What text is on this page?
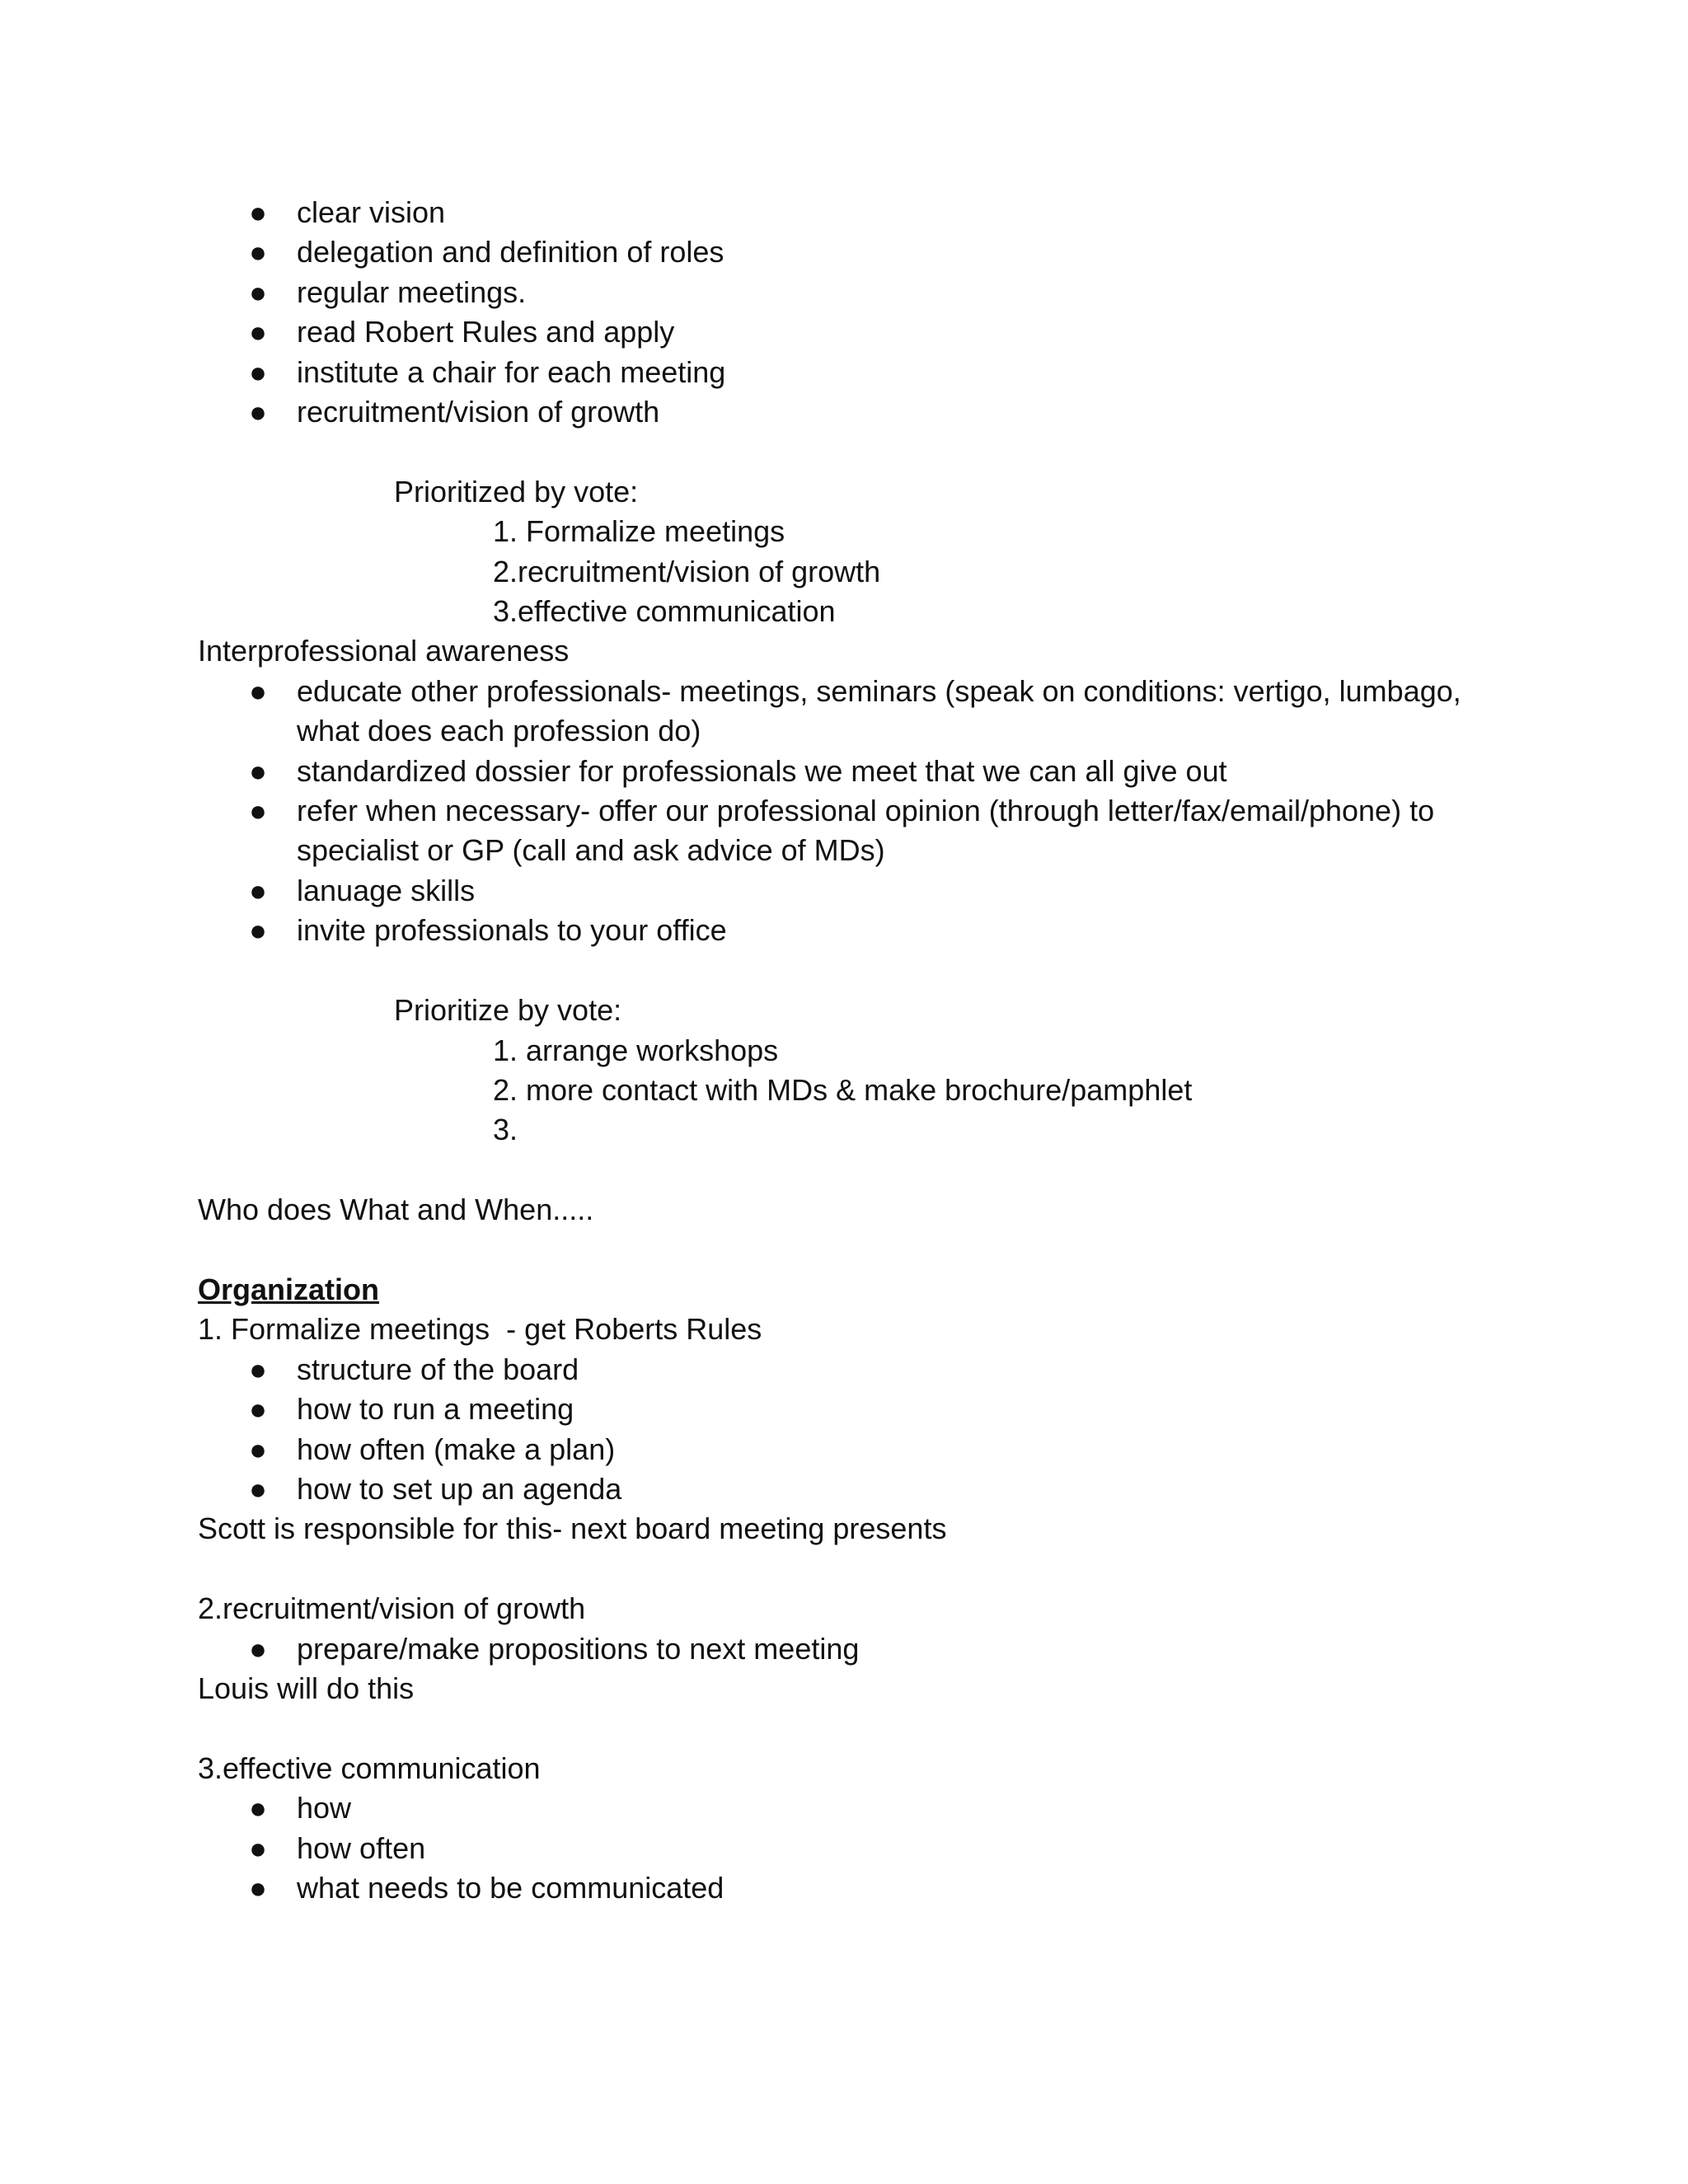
● clear vision
● delegation and definition of roles
● regular meetings.
● read Robert Rules and apply
● institute a chair for each meeting
● recruitment/vision of growth
Prioritized by vote:
1. Formalize meetings
2.recruitment/vision of growth
3.effective communication
Interprofessional awareness
● educate other professionals- meetings, seminars (speak on conditions: vertigo, lumbago, what does each profession do)
● standardized dossier for professionals we meet that we can all give out
● refer when necessary- offer our professional opinion (through letter/fax/email/phone) to specialist or GP (call and ask advice of MDs)
● lanuage skills
● invite professionals to your office
Prioritize by vote:
1. arrange workshops
2. more contact with MDs & make brochure/pamphlet
3.
Who does What and When.....
Organization
1. Formalize meetings  - get Roberts Rules
● structure of the board
● how to run a meeting
● how often (make a plan)
● how to set up an agenda
Scott is responsible for this- next board meeting presents
2.recruitment/vision of growth
● prepare/make propositions to next meeting
Louis will do this
3.effective communication
● how
● how often
● what needs to be communicated
